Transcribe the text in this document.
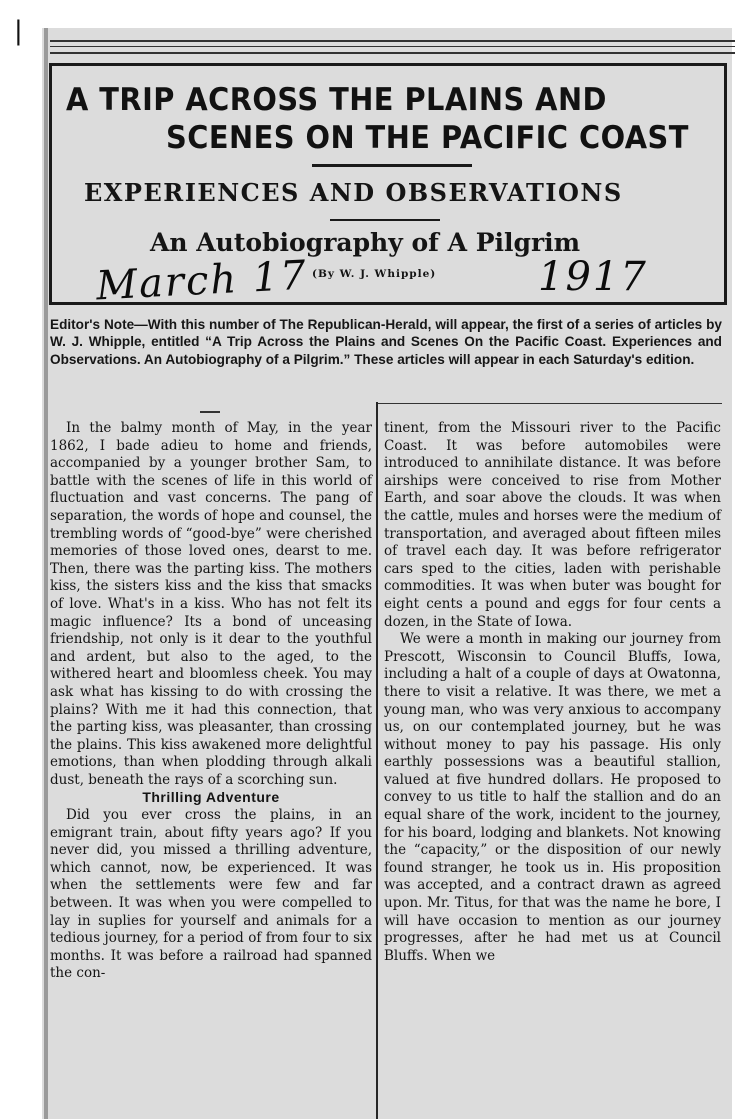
|
A TRIP ACROSS THE PLAINS AND
SCENES ON THE PACIFIC COAST
EXPERIENCES AND OBSERVATIONS
An Autobiography of A Pilgrim
March 17 (By W. J. Whipple)	1917
Editor's Note—With this number of The Republican-Herald, will appear, the first of a series of articles by W. J. Whipple, entitled “A Trip Across the Plains and Scenes On the Pacific Coast. Experiences and Observations. An Autobiography of a Pilgrim.” These articles will appear in each Saturday's edition.

In the balmy month of May, in the year 1862, I bade adieu to home and friends, accompanied by a younger brother Sam, to battle with the scenes of life in this world of fluctuation and vast concerns. The pang of separation, the words of hope and counsel, the trembling words of “good-bye” were cherished memories of those loved ones, dearst to me. Then, there was the parting kiss. The mothers kiss, the sisters kiss and the kiss that smacks of love. What's in a kiss. Who has not felt its magic influence? Its a bond of unceasing friendship, not only is it dear to the youthful and ardent, but also to the aged, to the withered heart and bloomless cheek. You may ask what has kissing to do with crossing the plains? With me it had this connection, that the parting kiss, was pleasanter, than crossing the plains. This kiss awakened more delightful emotions, than when plodding through alkali dust, beneath the rays of a scorching sun.

Thrilling Adventure

Did you ever cross the plains, in an emigrant train, about fifty years ago? If you never did, you missed a thrilling adventure, which cannot, now, be experienced. It was when the settlements were few and far between. It was when you were compelled to lay in suplies for yourself and animals for a tedious journey, for a period of from four to six months. It was before a railroad had spanned the con-

tinent, from the Missouri river to the Pacific Coast. It was before automobiles were introduced to annihilate distance. It was before airships were conceived to rise from Mother Earth, and soar above the clouds. It was when the cattle, mules and horses were the medium of transportation, and averaged about fifteen miles of travel each day. It was before refrigerator cars sped to the cities, laden with perishable commodities. It was when buter was bought for eight cents a pound and eggs for four cents a dozen, in the State of Iowa.

We were a month in making our journey from Prescott, Wisconsin to Council Bluffs, Iowa, including a halt of a couple of days at Owatonna, there to visit a relative. It was there, we met a young man, who was very anxious to accompany us, on our contemplated journey, but he was without money to pay his passage. His only earthly possessions was a beautiful stallion, valued at five hundred dollars. He proposed to convey to us title to half the stallion and do an equal share of the work, incident to the journey, for his board, lodging and blankets. Not knowing the “capacity,” or the disposition of our newly found stranger, he took us in. His proposition was accepted, and a contract drawn as agreed upon. Mr. Titus, for that was the name he bore, I will have occasion to mention as our journey progresses, after he had met us at Council Bluffs. When we
